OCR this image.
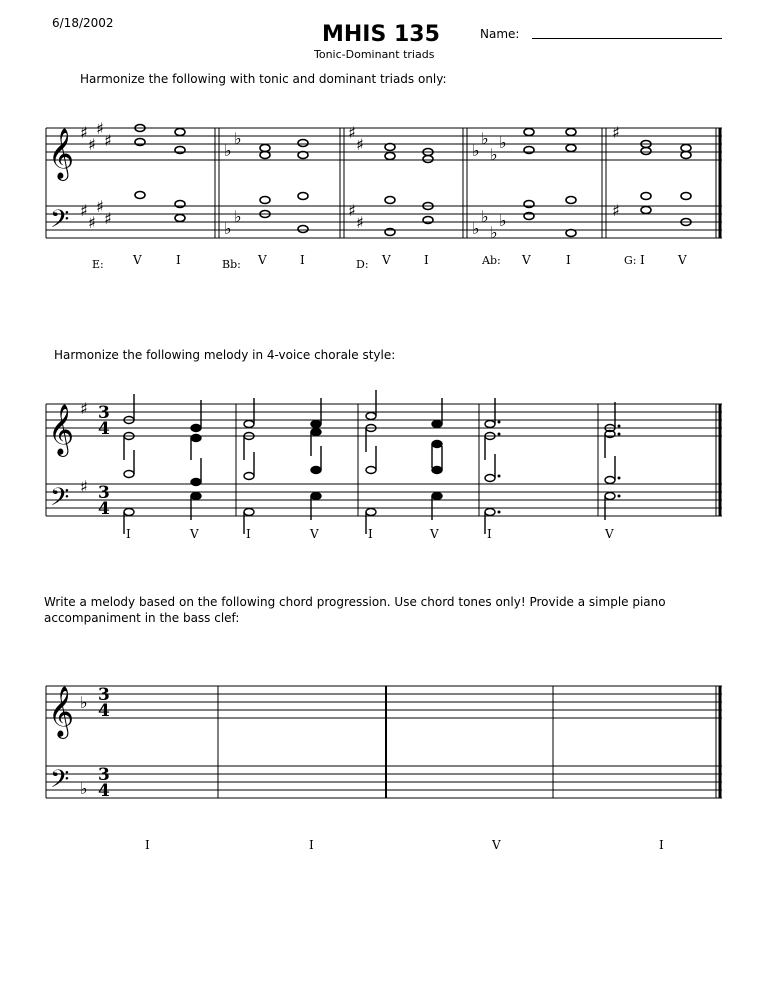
6/18/2002	MHIS 135
Tonic-Dominant triads
Name:
Harmonize the following with tonic and dominant triads only:
Harmonize the following melody in 4-voice chorale style:
Write a melody based on the following chord progression. Use chord tones only! Provide a simple piano accompaniment in the bass clef:
𝄞
𝄢
♯
♯
♯
♯
♯
♯
♯
♯
♭
♭
♭
♭
♯
♯
♯
♯
♭
♭
♭
♭
♭
♭
♭
♭
♯
♯
E: V	I	Bb: V	I	D: V	I	Ab: V	I	G: I	V
𝄞
𝄢
♯
♯
3
4
3
4
I	V	I	V	I	V	I	V
𝄞
𝄢
♭
♭
3
4
3
4
I	I	V	I
